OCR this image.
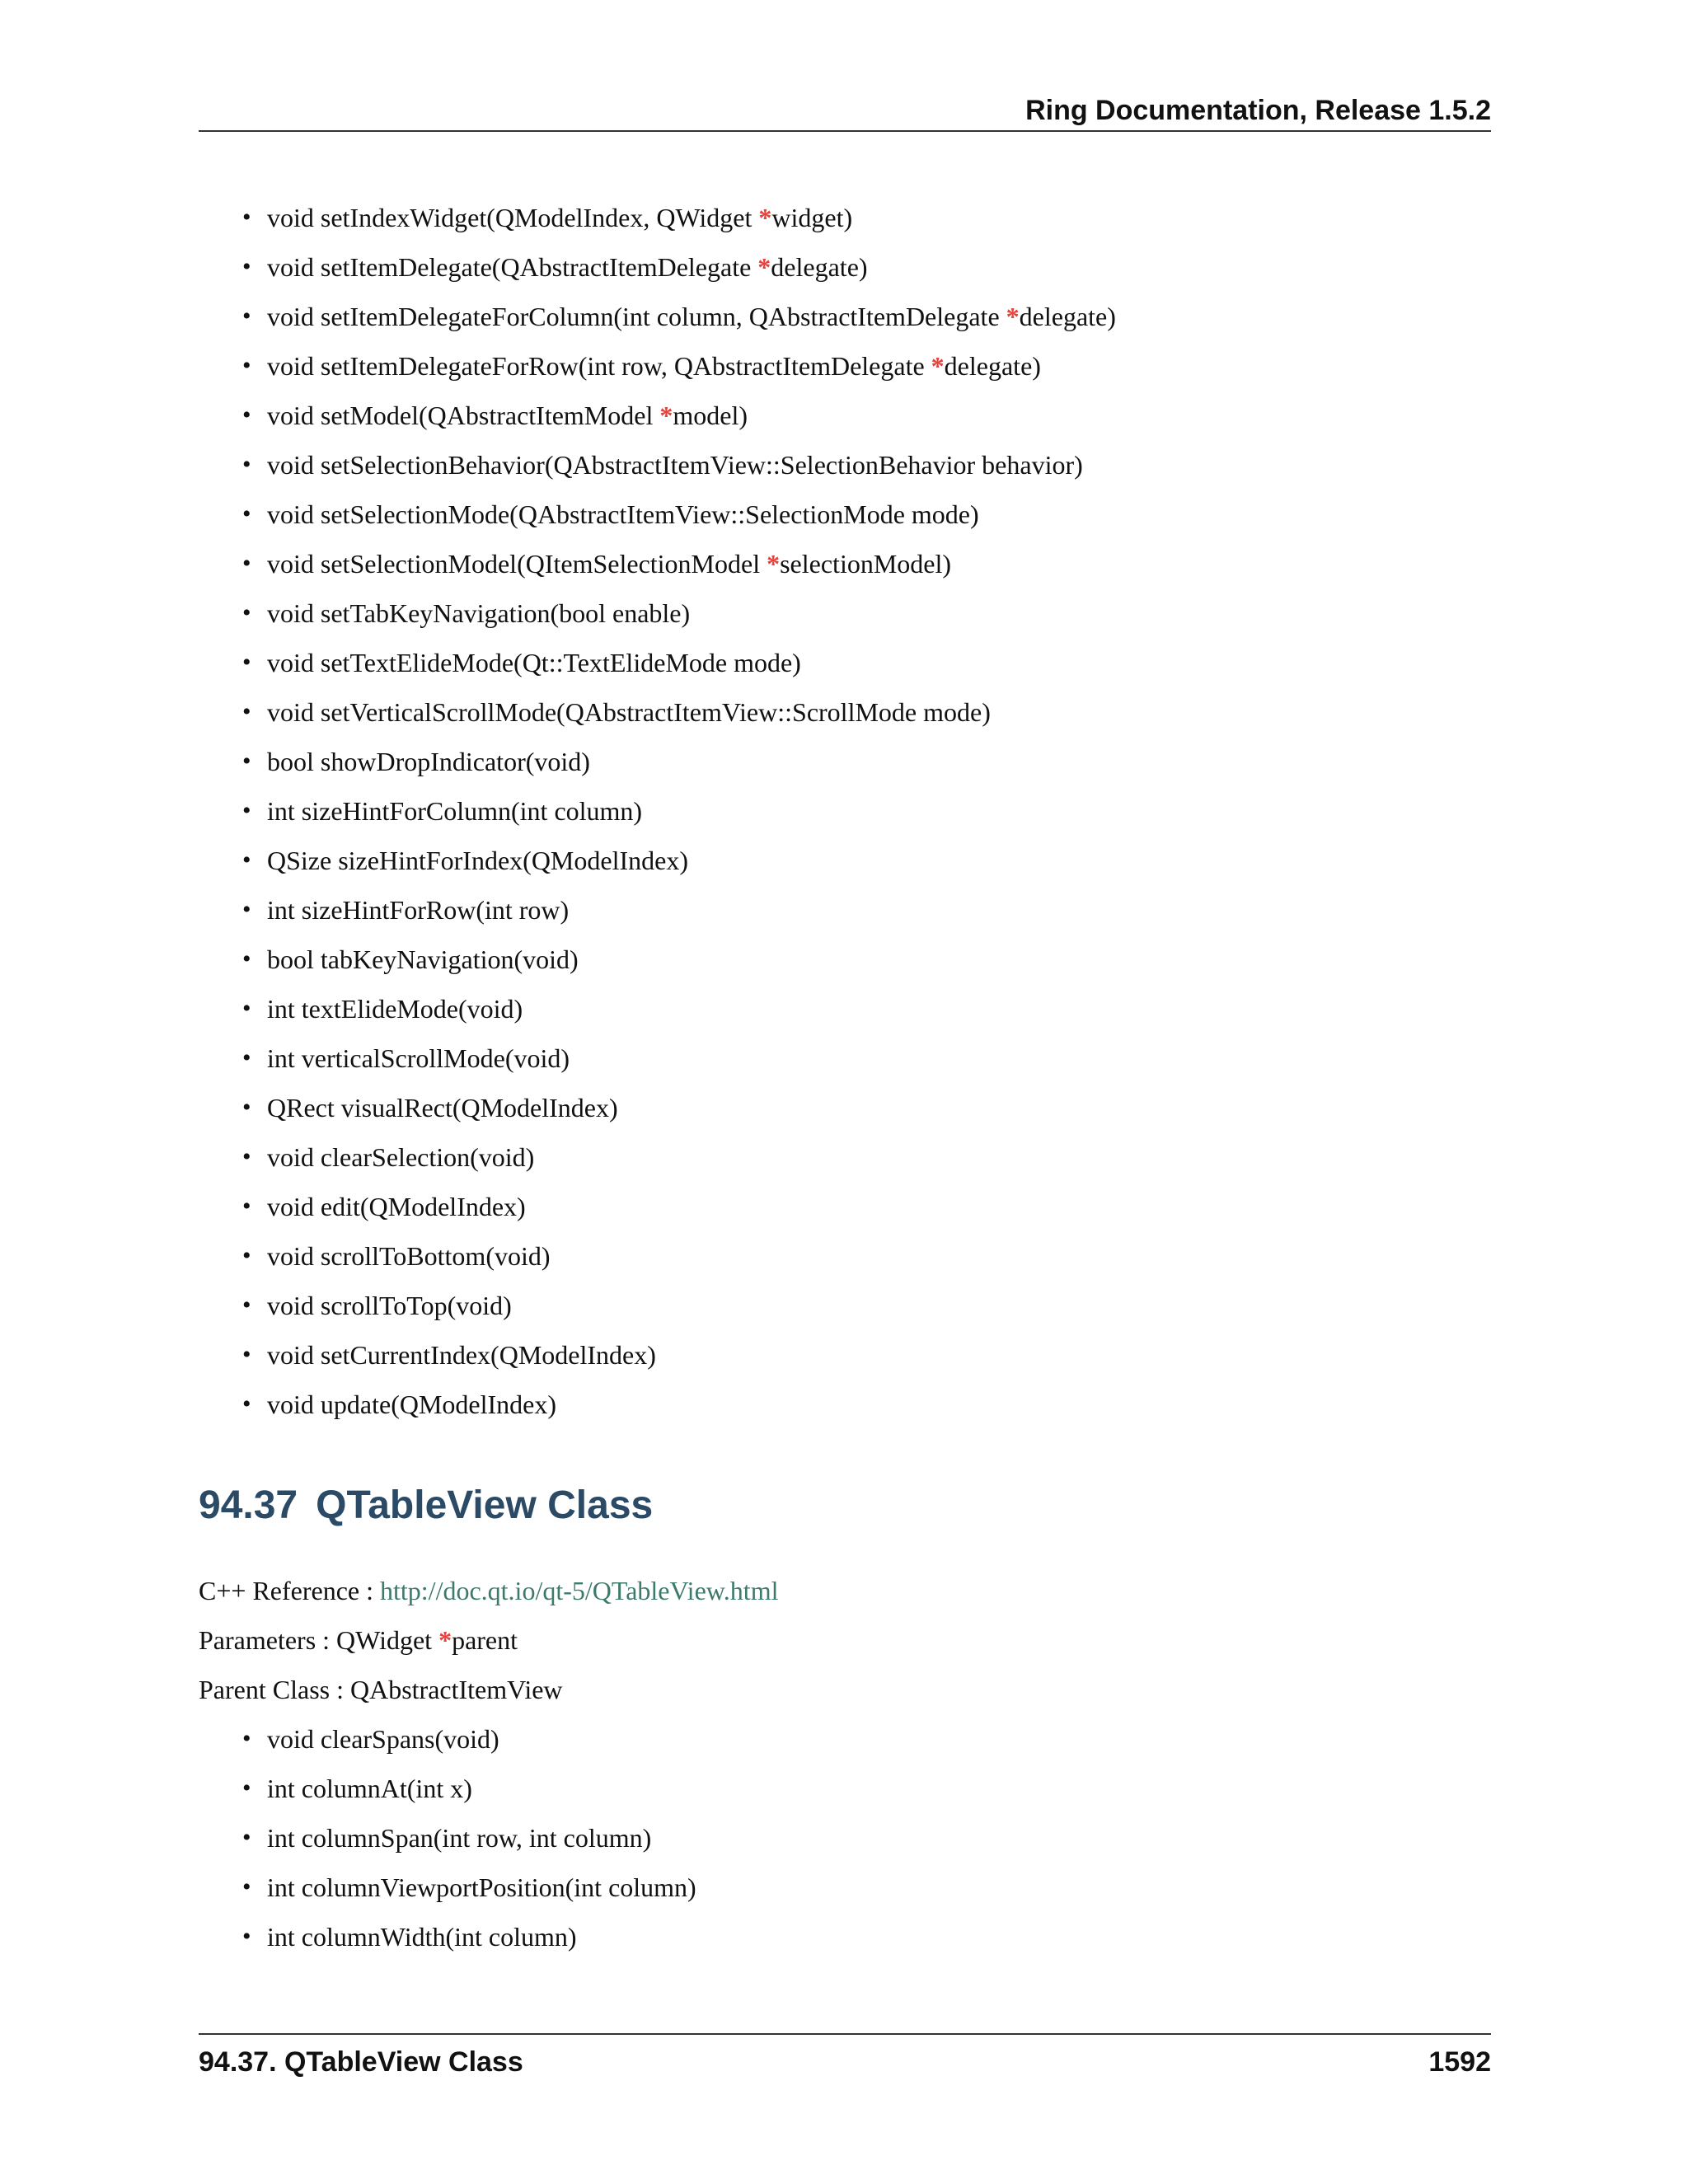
Ring Documentation, Release 1.5.2
• void setIndexWidget(QModelIndex, QWidget *widget)
• void setItemDelegate(QAbstractItemDelegate *delegate)
• void setItemDelegateForColumn(int column, QAbstractItemDelegate *delegate)
• void setItemDelegateForRow(int row, QAbstractItemDelegate *delegate)
• void setModel(QAbstractItemModel *model)
• void setSelectionBehavior(QAbstractItemView::SelectionBehavior behavior)
• void setSelectionMode(QAbstractItemView::SelectionMode mode)
• void setSelectionModel(QItemSelectionModel *selectionModel)
• void setTabKeyNavigation(bool enable)
• void setTextElideMode(Qt::TextElideMode mode)
• void setVerticalScrollMode(QAbstractItemView::ScrollMode mode)
• bool showDropIndicator(void)
• int sizeHintForColumn(int column)
• QSize sizeHintForIndex(QModelIndex)
• int sizeHintForRow(int row)
• bool tabKeyNavigation(void)
• int textElideMode(void)
• int verticalScrollMode(void)
• QRect visualRect(QModelIndex)
• void clearSelection(void)
• void edit(QModelIndex)
• void scrollToBottom(void)
• void scrollToTop(void)
• void setCurrentIndex(QModelIndex)
• void update(QModelIndex)
94.37 QTableView Class
C++ Reference : http://doc.qt.io/qt-5/QTableView.html
Parameters : QWidget *parent
Parent Class : QAbstractItemView
• void clearSpans(void)
• int columnAt(int x)
• int columnSpan(int row, int column)
• int columnViewportPosition(int column)
• int columnWidth(int column)
94.37. QTableView Class	1592
